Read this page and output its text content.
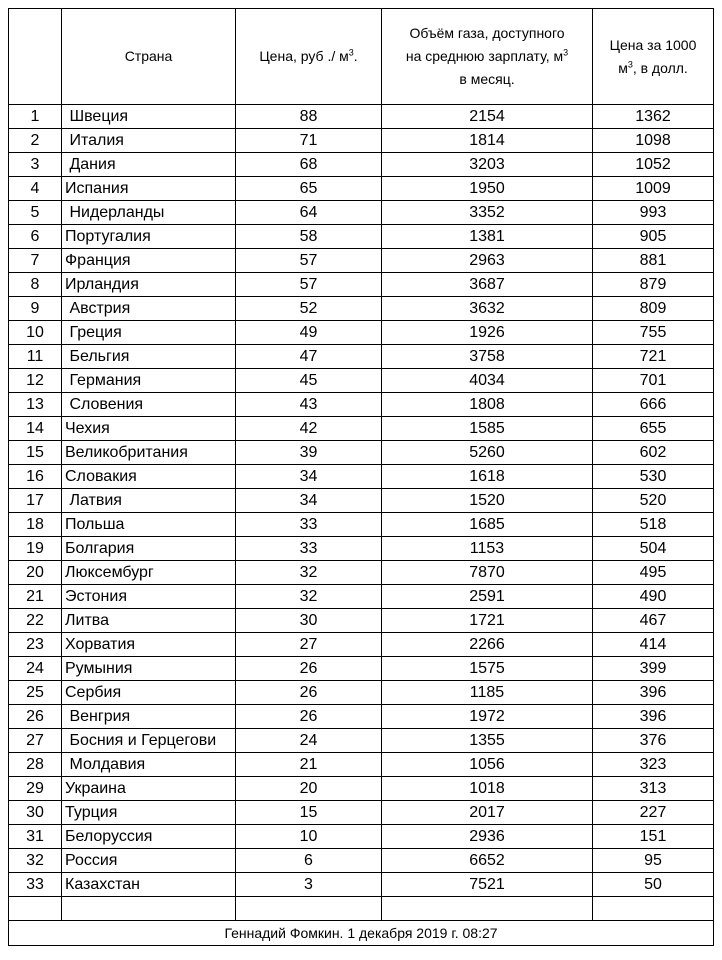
	Страна	Цена, руб ./ $м^3$.	Объём газа, доступного
на среднюю зарплату, $м^3$
в месяц.	Цена за 1000
$м^3$, в долл.
1	Швеция	88	2154	1362
2	Италия	71	1814	1098
3	Дания	68	3203	1052
4	Испания	65	1950	1009
5	Нидерланды	64	3352	993
6	Португалия	58	1381	905
7	Франция	57	2963	881
8	Ирландия	57	3687	879
9	Австрия	52	3632	809
10	Греция	49	1926	755
11	Бельгия	47	3758	721
12	Германия	45	4034	701
13	Словения	43	1808	666
14	Чехия	42	1585	655
15	Великобритания	39	5260	602
16	Словакия	34	1618	530
17	Латвия	34	1520	520
18	Польша	33	1685	518
19	Болгария	33	1153	504
20	Люксембург	32	7870	495
21	Эстония	32	2591	490
22	Литва	30	1721	467
23	Хорватия	27	2266	414
24	Румыния	26	1575	399
25	Сербия	26	1185	396
26	Венгрия	26	1972	396
27	Босния и Герцегови	24	1355	376
28	Молдавия	21	1056	323
29	Украина	20	1018	313
30	Турция	15	2017	227
31	Белоруссия	10	2936	151
32	Россия	6	6652	95
33	Казахстан	3	7521	50

Геннадий Фомкин. 1 декабря 2019 г. 08:27				
